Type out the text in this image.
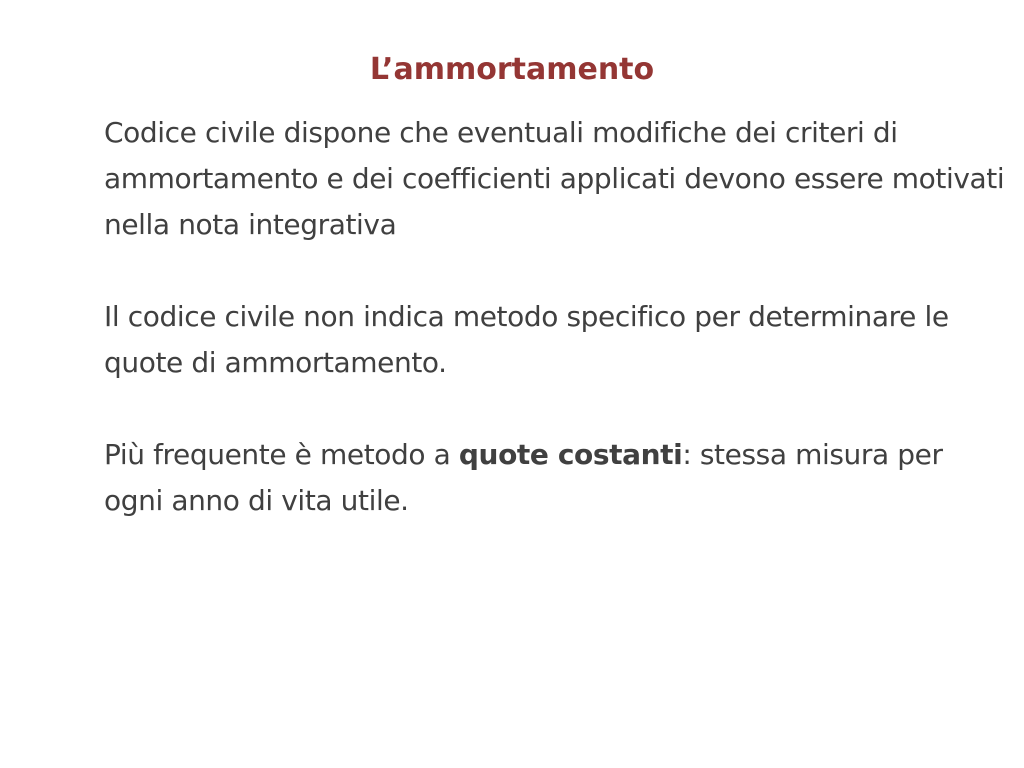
L’ammortamento

Codice civile dispone che eventuali modifiche dei criteri di ammortamento e dei coefficienti applicati devono essere motivati nella nota integrativa

Il codice civile non indica metodo specifico per determinare le quote di ammortamento.

Più frequente è metodo a quote costanti: stessa misura per ogni anno di vita utile.
